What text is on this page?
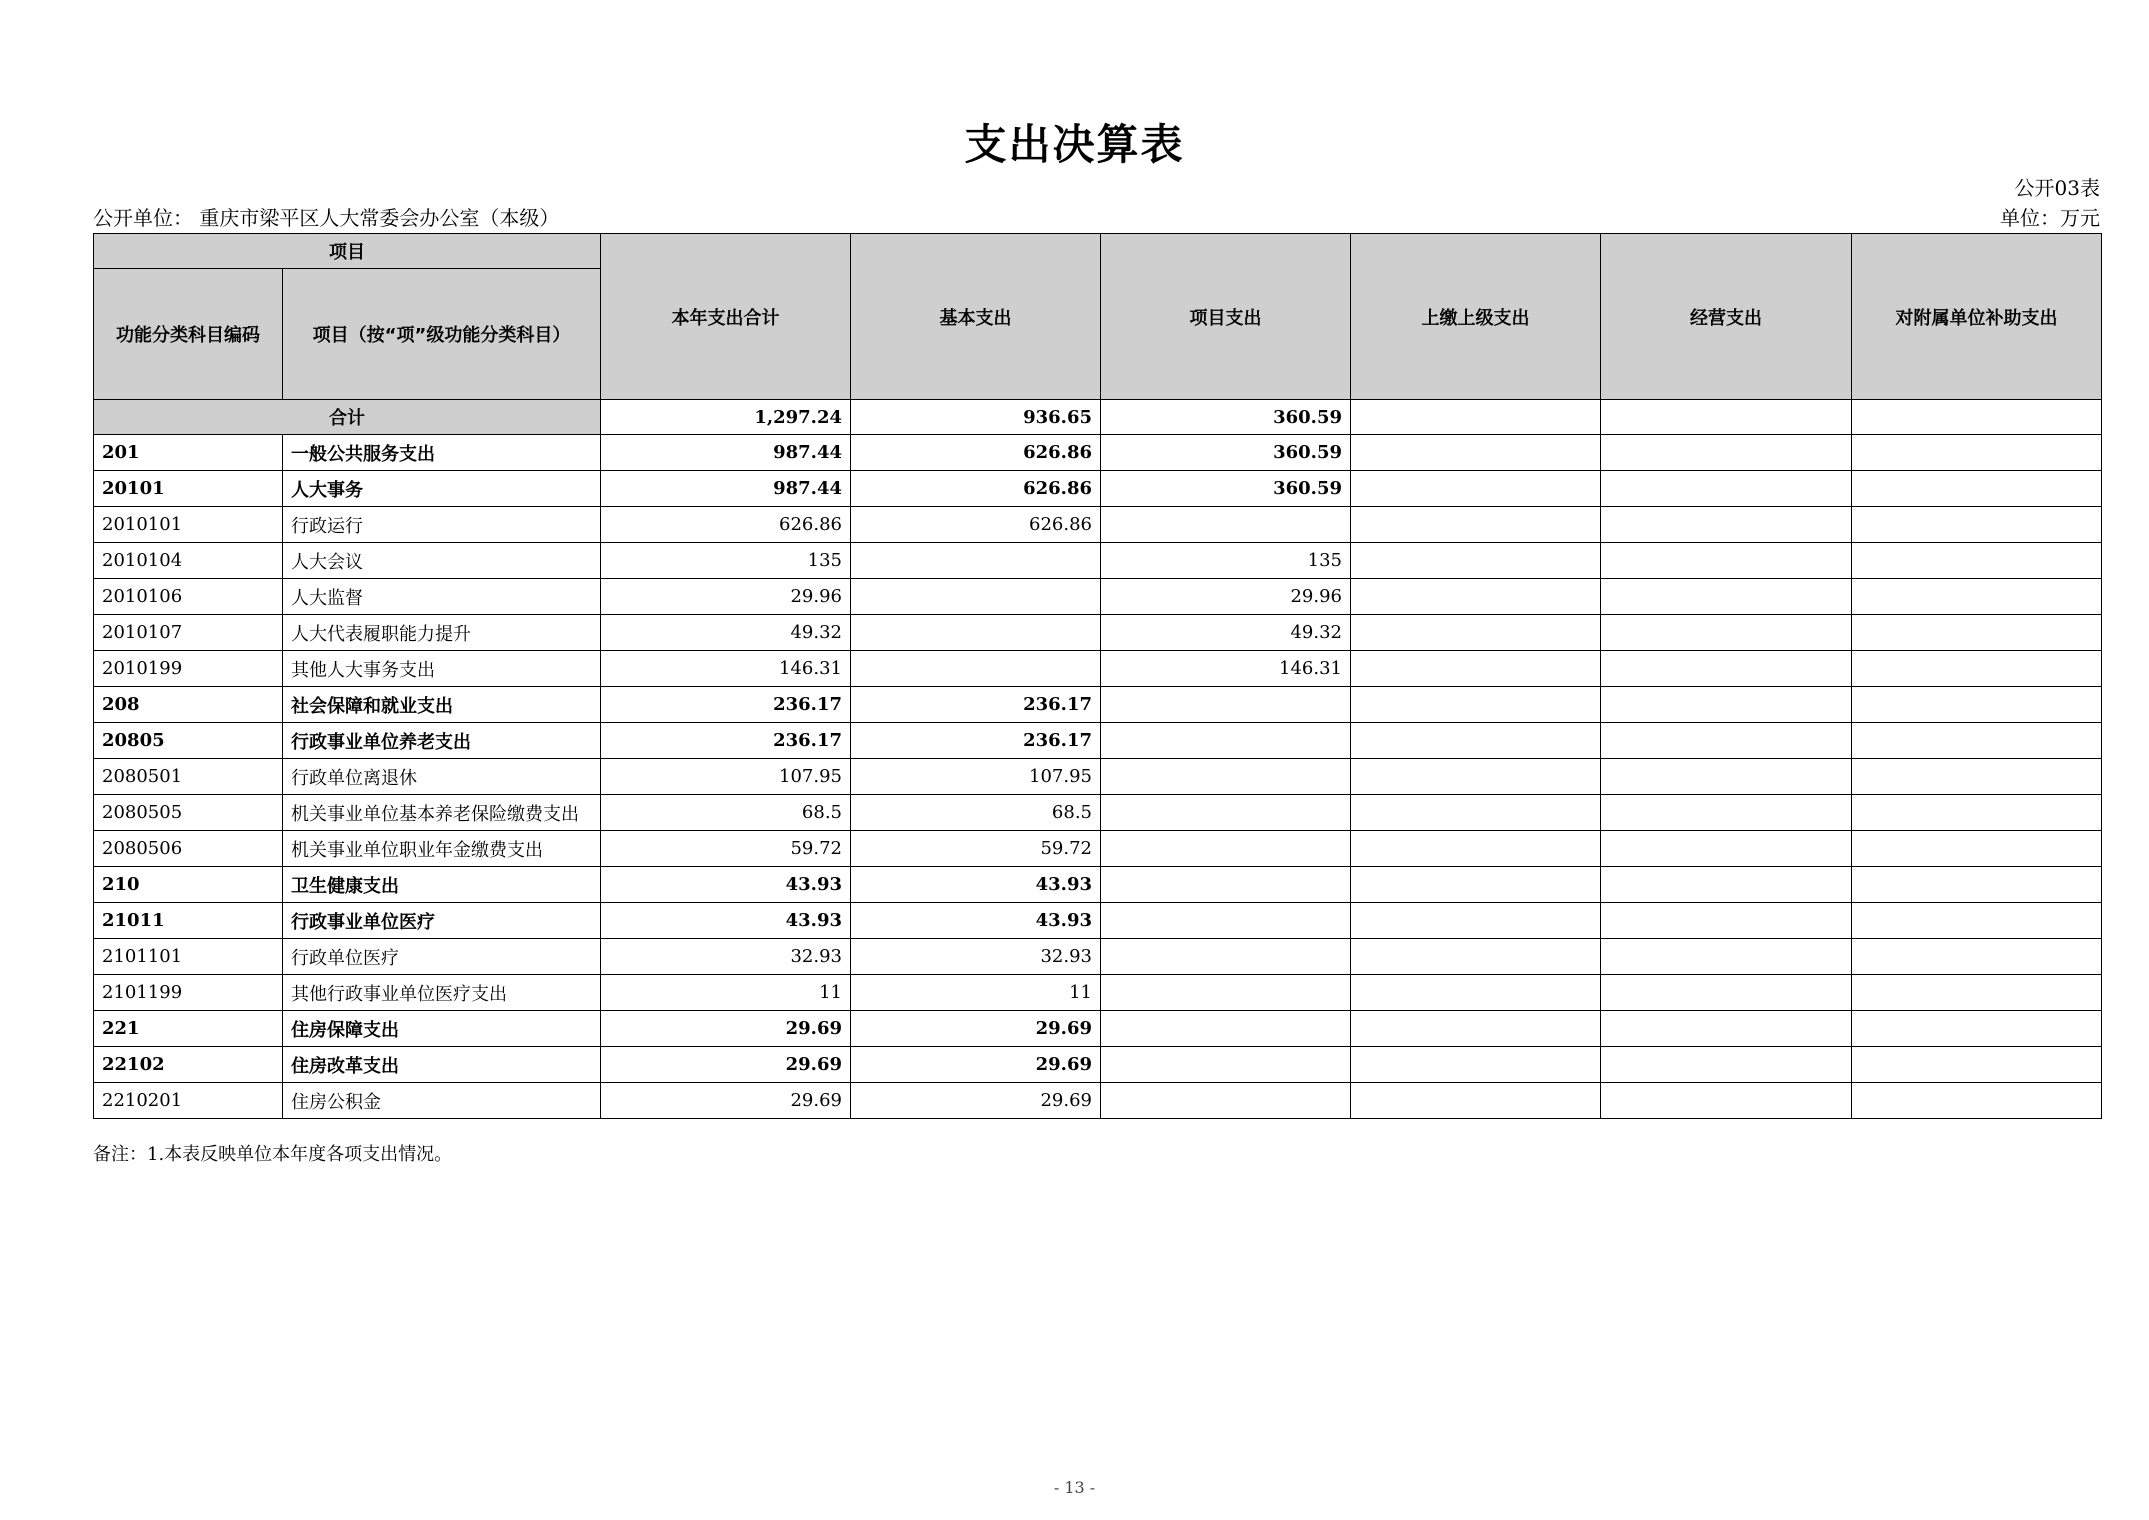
支出决算表
公开03表
公开单位： 重庆市梁平区人大常委会办公室（本级）	单位：万元
项目		本年支出合计	基本支出	项目支出	上缴上级支出	经营支出	对附属单位补助支出
功能分类科目编码	项目（按“项”级功能分类科目）						
合计		1,297.24	936.65	360.59			
201	一般公共服务支出	987.44	626.86	360.59			
20101	人大事务	987.44	626.86	360.59			
2010101	行政运行	626.86	626.86				
2010104	人大会议	135		135			
2010106	人大监督	29.96		29.96			
2010107	人大代表履职能力提升	49.32		49.32			
2010199	其他人大事务支出	146.31		146.31			
208	社会保障和就业支出	236.17	236.17				
20805	行政事业单位养老支出	236.17	236.17				
2080501	行政单位离退休	107.95	107.95				
2080505	机关事业单位基本养老保险缴费支出	68.5	68.5				
2080506	机关事业单位职业年金缴费支出	59.72	59.72				
210	卫生健康支出	43.93	43.93				
21011	行政事业单位医疗	43.93	43.93				
2101101	行政单位医疗	32.93	32.93				
2101199	其他行政事业单位医疗支出	11	11				
221	住房保障支出	29.69	29.69				
22102	住房改革支出	29.69	29.69				
2210201	住房公积金	29.69	29.69				
备注：1.本表反映单位本年度各项支出情况。
- 13 -
